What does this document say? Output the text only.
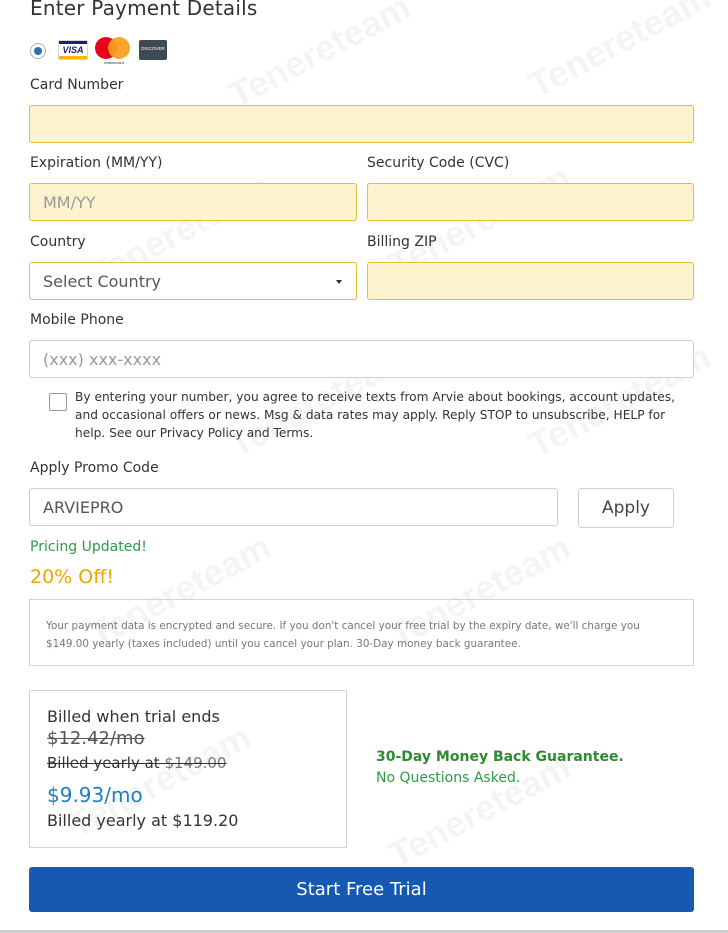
Enter Payment Details
VISA
mastercard
DISCOVER
Card Number
Expiration (MM/YY)
MM/YY
Security Code (CVC)
Country
Select Country
Billing ZIP
Mobile Phone
(xxx) xxx-xxxx
By entering your number, you agree to receive texts from Arvie about bookings, account updates, and occasional offers or news. Msg & data rates may apply. Reply STOP to unsubscribe, HELP for help. See our Privacy Policy and Terms.
Apply Promo Code
ARVIEPRO	Apply
Pricing Updated!
20% Off!
Your payment data is encrypted and secure. If you don't cancel your free trial by the expiry date, we'll charge you $149.00 yearly (taxes included) until you cancel your plan. 30-Day money back guarantee.
Billed when trial ends
$12.42/mo
Billed yearly at $149.00
$9.93/mo
Billed yearly at $119.20
30-Day Money Back Guarantee.
No Questions Asked.
Start Free Trial
